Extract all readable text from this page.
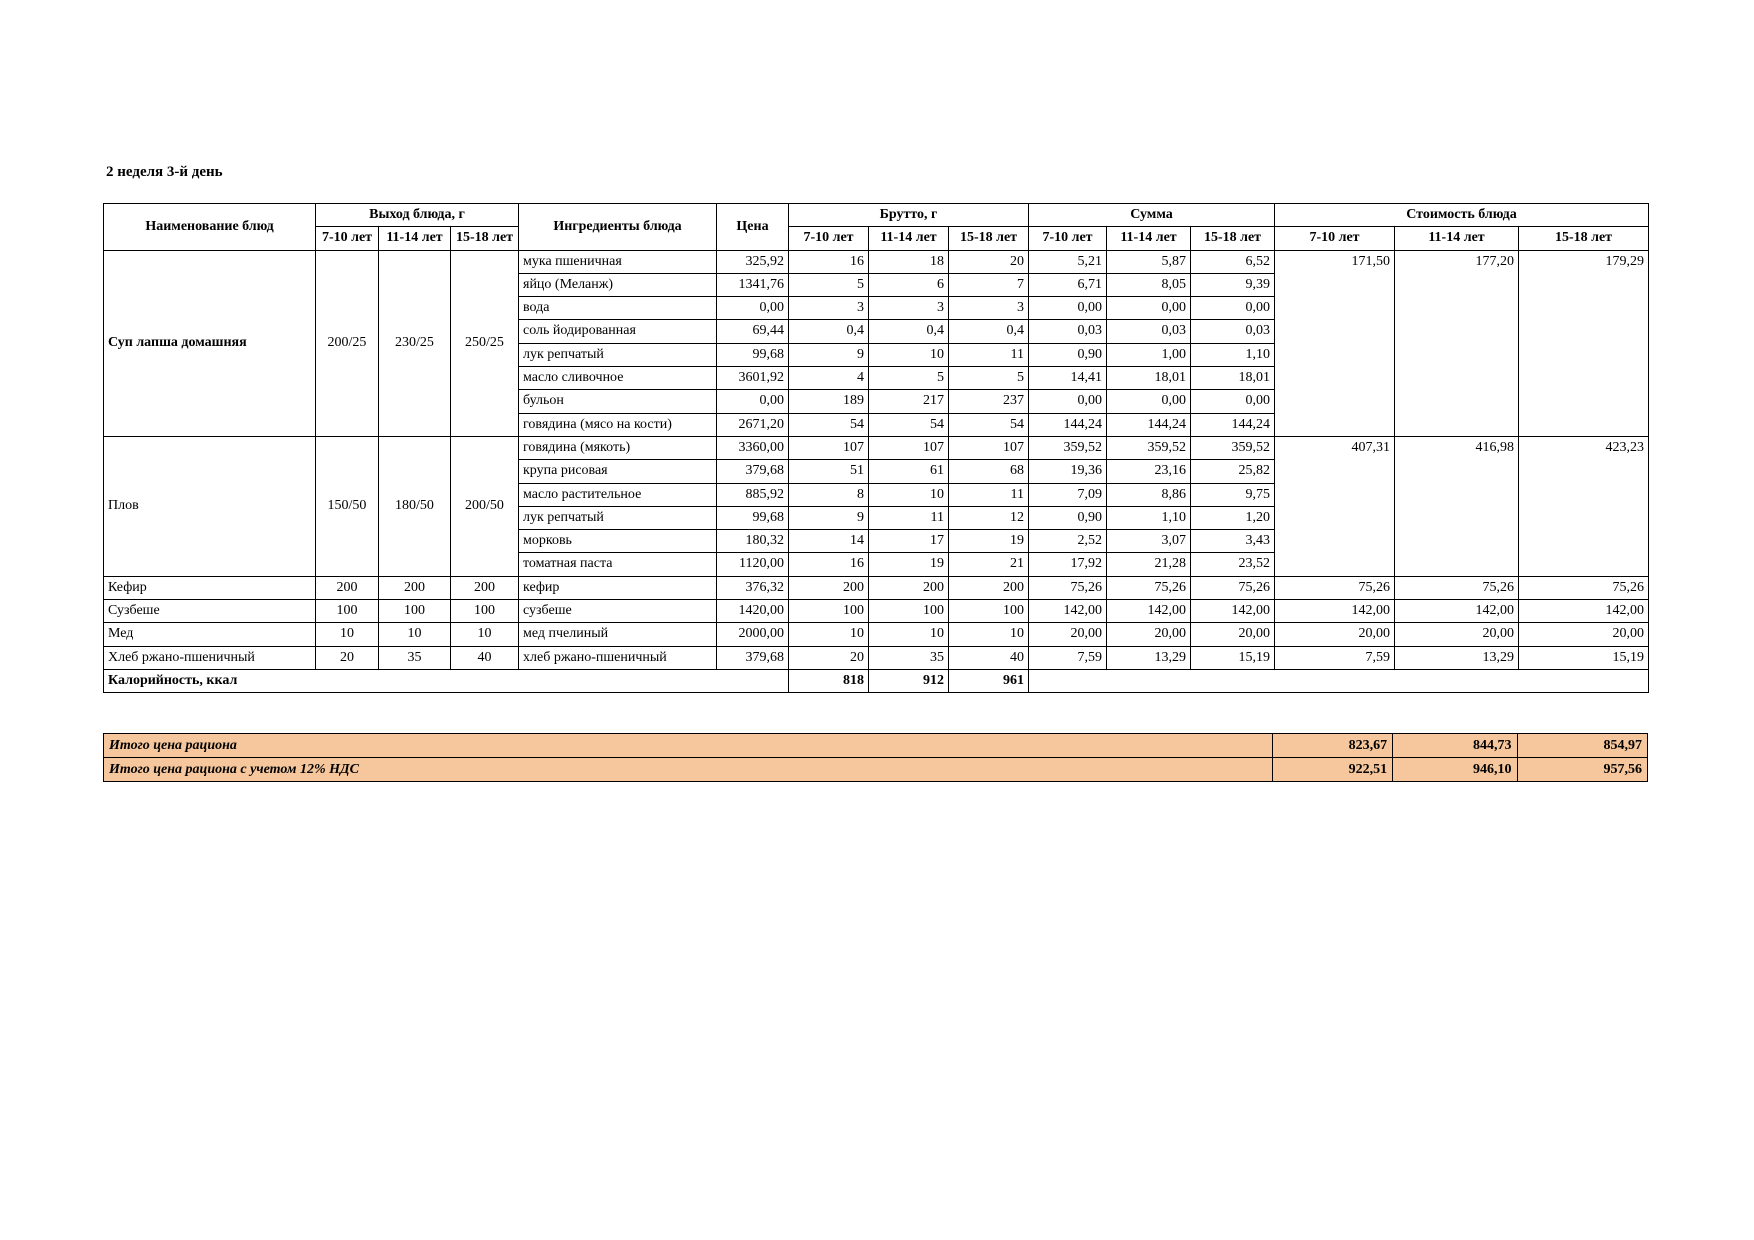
2 неделя 3-й день
Наименование блюд	Выход блюда, г			Ингредиенты блюда	Цена	Брутто, г			Сумма			Стоимость блюда		
	7-10 лет	11-14 лет	15-18 лет			7-10 лет	11-14 лет	15-18 лет	7-10 лет	11-14 лет	15-18 лет	7-10 лет	11-14 лет	15-18 лет
Суп лапша домашняя	200/25	230/25	250/25	мука пшеничная	325,92	16	18	20	5,21	5,87	6,52	171,50	177,20	179,29
				яйцо (Меланж)	1341,76	5	6	7	6,71	8,05	9,39			
				вода	0,00	3	3	3	0,00	0,00	0,00			
				соль йодированная	69,44	0,4	0,4	0,4	0,03	0,03	0,03			
				лук репчатый	99,68	9	10	11	0,90	1,00	1,10			
				масло сливочное	3601,92	4	5	5	14,41	18,01	18,01			
				бульон	0,00	189	217	237	0,00	0,00	0,00			
				говядина (мясо на кости)	2671,20	54	54	54	144,24	144,24	144,24			
Плов	150/50	180/50	200/50	говядина (мякоть)	3360,00	107	107	107	359,52	359,52	359,52	407,31	416,98	423,23
				крупа рисовая	379,68	51	61	68	19,36	23,16	25,82			
				масло растительное	885,92	8	10	11	7,09	8,86	9,75			
				лук репчатый	99,68	9	11	12	0,90	1,10	1,20			
				морковь	180,32	14	17	19	2,52	3,07	3,43			
				томатная паста	1120,00	16	19	21	17,92	21,28	23,52			
Кефир	200	200	200	кефир	376,32	200	200	200	75,26	75,26	75,26	75,26	75,26	75,26
Сузбеше	100	100	100	сузбеше	1420,00	100	100	100	142,00	142,00	142,00	142,00	142,00	142,00
Мед	10	10	10	мед пчелиный	2000,00	10	10	10	20,00	20,00	20,00	20,00	20,00	20,00
Хлеб ржано-пшеничный	20	35	40	хлеб ржано-пшеничный	379,68	20	35	40	7,59	13,29	15,19	7,59	13,29	15,19
Калорийность, ккал						818	912	961						
Итого цена рациона	823,67	844,73	854,97
Итого цена рациона с учетом 12% НДС	922,51	946,10	957,56
